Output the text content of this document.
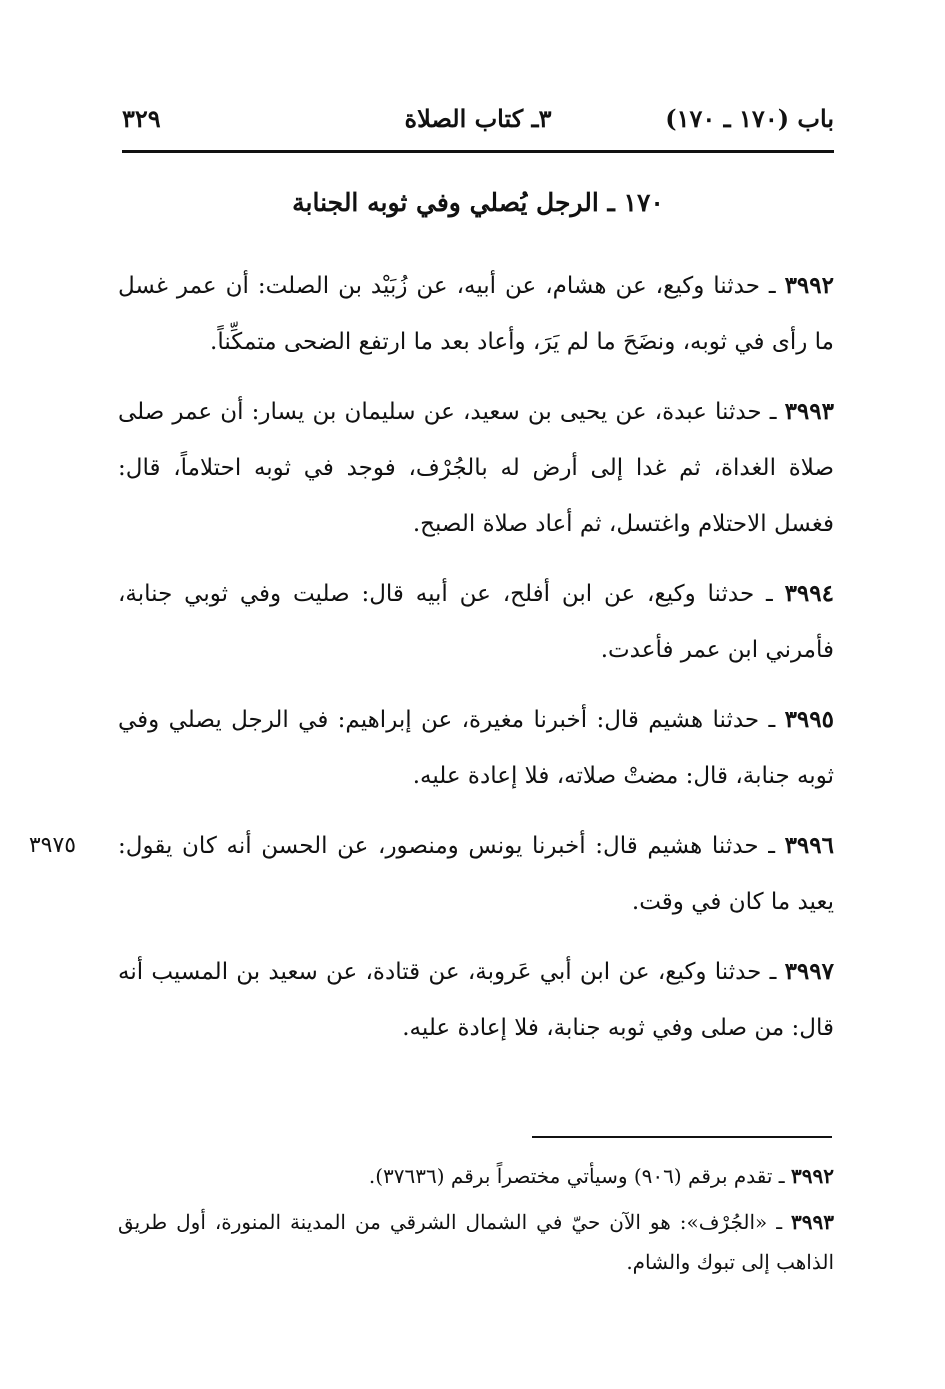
باب (١٧٠ ـ ١٧٠)
٣ـ كتاب الصلاة
٣٢٩
١٧٠ ـ الرجل يُصلي وفي ثوبه الجنابة

٣٩٩٢ ـ حدثنا وكيع، عن هشام، عن أبيه، عن زُبَيْد بن الصلت: أن عمر غسل ما رأى في ثوبه، ونضَحَ ما لم يَرَ، وأعاد بعد ما ارتفع الضحى متمكِّناً.

٣٩٩٣ ـ حدثنا عبدة، عن يحيى بن سعيد، عن سليمان بن يسار: أن عمر صلى صلاة الغداة، ثم غدا إلى أرض له بالجُرْف، فوجد في ثوبه احتلاماً، قال: فغسل الاحتلام واغتسل، ثم أعاد صلاة الصبح.

٣٩٩٤ ـ حدثنا وكيع، عن ابن أفلح، عن أبيه قال: صليت وفي ثوبي جنابة، فأمرني ابن عمر فأعدت.

٣٩٩٥ ـ حدثنا هشيم قال: أخبرنا مغيرة، عن إبراهيم: في الرجل يصلي وفي ثوبه جنابة، قال: مضتْ صلاته، فلا إعادة عليه.

٣٩٧٥	٣٩٩٦ ـ حدثنا هشيم قال: أخبرنا يونس ومنصور، عن الحسن أنه كان يقول: يعيد ما كان في وقت.

٣٩٩٧ ـ حدثنا وكيع، عن ابن أبي عَروبة، عن قتادة، عن سعيد بن المسيب أنه قال: من صلى وفي ثوبه جنابة، فلا إعادة عليه.

٣٩٩٢ ـ تقدم برقم (٩٠٦) وسيأتي مختصراً برقم (٣٧٦٣٦).

٣٩٩٣ ـ «الجُرْف»: هو الآن حيّ في الشمال الشرقي من المدينة المنورة، أول طريق الذاهب إلى تبوك والشام.
